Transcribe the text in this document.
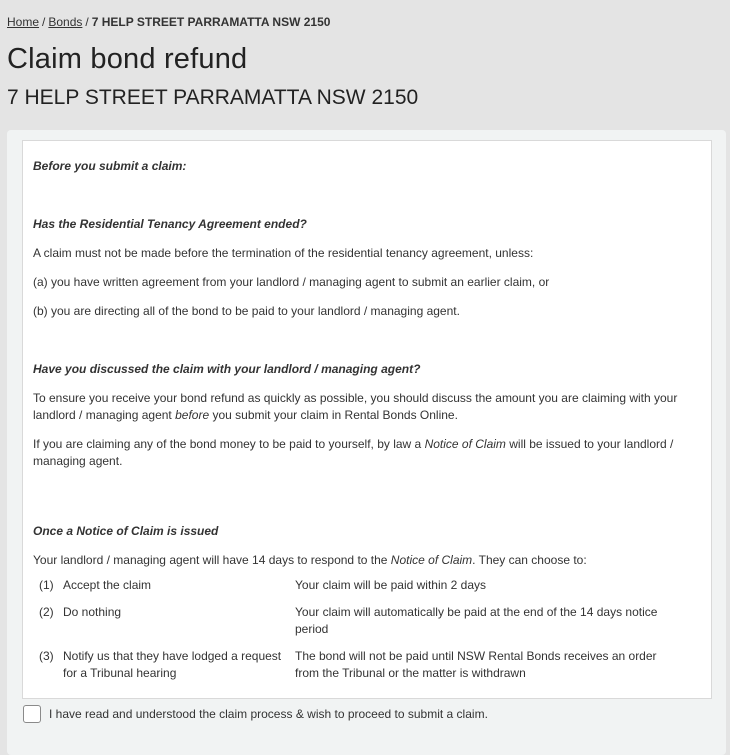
Home / Bonds / 7 HELP STREET PARRAMATTA NSW 2150
Claim bond refund
7 HELP STREET PARRAMATTA NSW 2150

Before you submit a claim:

Has the Residential Tenancy Agreement ended?

A claim must not be made before the termination of the residential tenancy agreement, unless:

(a) you have written agreement from your landlord / managing agent to submit an earlier claim, or

(b) you are directing all of the bond to be paid to your landlord / managing agent.

Have you discussed the claim with your landlord / managing agent?

To ensure you receive your bond refund as quickly as possible, you should discuss the amount you are claiming with your landlord / managing agent before you submit your claim in Rental Bonds Online.

If you are claiming any of the bond money to be paid to yourself, by law a Notice of Claim will be issued to your landlord / managing agent.

Once a Notice of Claim is issued

Your landlord / managing agent will have 14 days to respond to the Notice of Claim. They can choose to:

(1)	Accept the claim	Your claim will be paid within 2 days
(2)	Do nothing	Your claim will automatically be paid at the end of the 14 days notice period
(3)	Notify us that they have lodged a request for a Tribunal hearing	The bond will not be paid until NSW Rental Bonds receives an order from the Tribunal or the matter is withdrawn
I have read and understood the claim process & wish to proceed to submit a claim.
